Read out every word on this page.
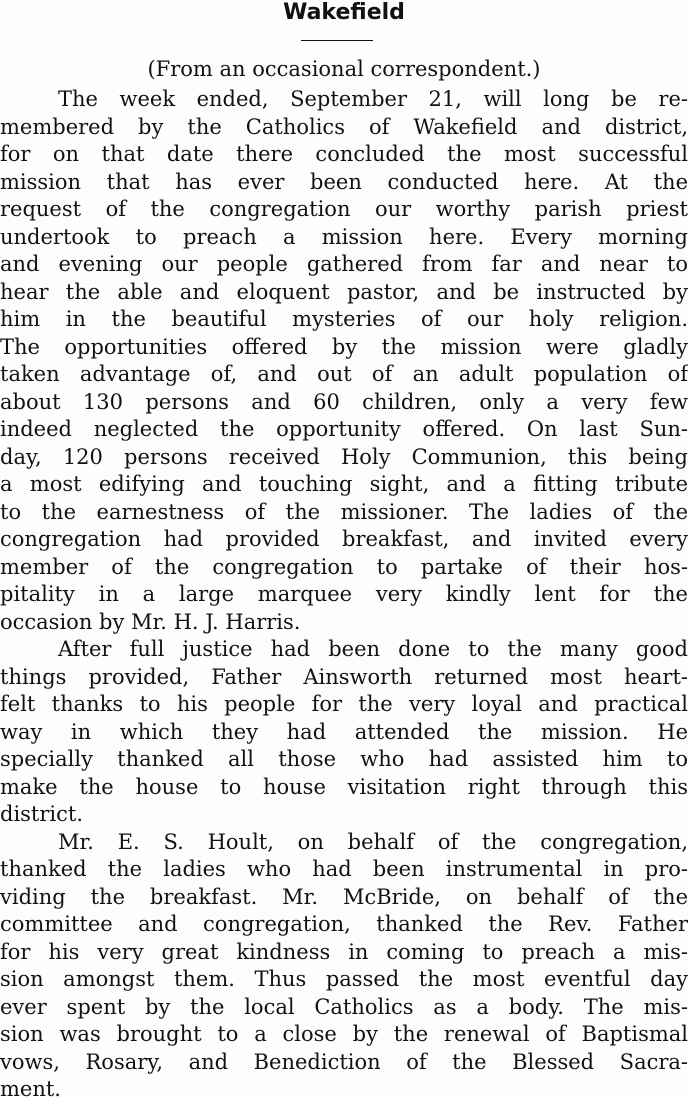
Wakefield
(From an occasional correspondent.)
The week ended, September 21, will long be re-
membered by the Catholics of Wakefield and district,
for on that date there concluded the most successful
mission that has ever been conducted here. At the
request of the congregation our worthy parish priest
undertook to preach a mission here. Every morning
and evening our people gathered from far and near to
hear the able and eloquent pastor, and be instructed by
him in the beautiful mysteries of our holy religion.
The opportunities offered by the mission were gladly
taken advantage of, and out of an adult population of
about 130 persons and 60 children, only a very few
indeed neglected the opportunity offered. On last Sun-
day, 120 persons received Holy Communion, this being
a most edifying and touching sight, and a fitting tribute
to the earnestness of the missioner. The ladies of the
congregation had provided breakfast, and invited every
member of the congregation to partake of their hos-
pitality in a large marquee very kindly lent for the
occasion by Mr. H. J. Harris.
After full justice had been done to the many good
things provided, Father Ainsworth returned most heart-
felt thanks to his people for the very loyal and practical
way in which they had attended the mission. He
specially thanked all those who had assisted him to
make the house to house visitation right through this
district.
Mr. E. S. Hoult, on behalf of the congregation,
thanked the ladies who had been instrumental in pro-
viding the breakfast. Mr. McBride, on behalf of the
committee and congregation, thanked the Rev. Father
for his very great kindness in coming to preach a mis-
sion amongst them. Thus passed the most eventful day
ever spent by the local Catholics as a body. The mis-
sion was brought to a close by the renewal of Baptismal
vows, Rosary, and Benediction of the Blessed Sacra-
ment.
